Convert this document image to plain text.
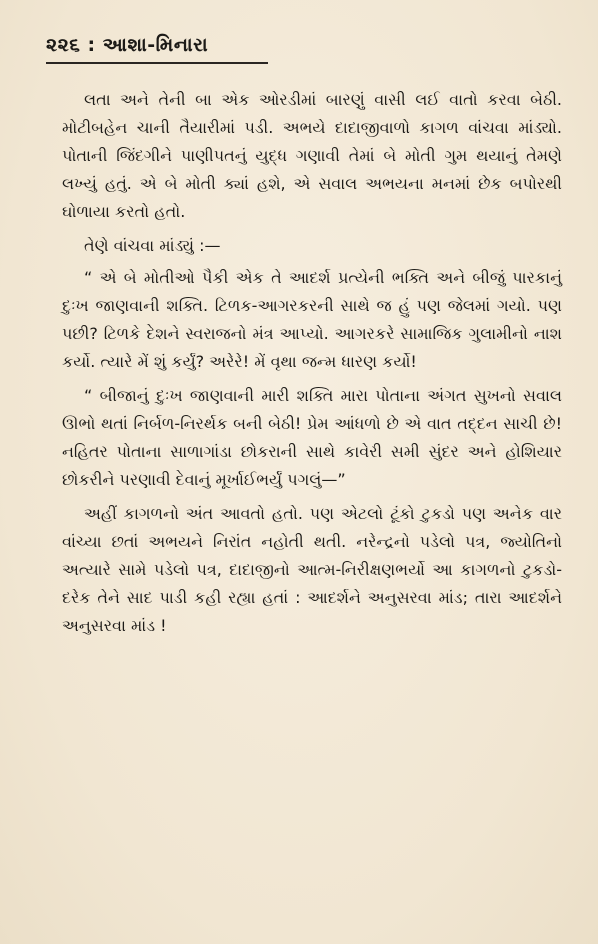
૨૨૬ : આશા-મિનારા

લતા અને તેની બા એક ઓરડીમાં બારણું વાસી લઈ વાતો કરવા બેઠી. મોટીબહેન ચાની તૈયારીમાં પડી. અભયે દાદાજીવાળો કાગળ વાંચવા માંડ્યો. પોતાની જિંદગીને પાણીપતનું યુદ્ધ ગણાવી તેમાં બે મોતી ગુમ થયાનું તેમણે લખ્યું હતું. એ બે મોતી ક્યાં હશે, એ સવાલ અભયના મનમાં છેક બપોરથી ઘોળાયા કરતો હતો.

તેણે વાંચવા માંડ્યું :—

“ એ બે મોતીઓ પૈકી એક તે આદર્શ પ્રત્યેની ભક્તિ અને બીજું પારકાનું દુઃખ જાણવાની શક્તિ. ટિળક-આગરકરની સાથે જ હું પણ જેલમાં ગયો. પણ પછી? ટિળકે દેશને સ્વરાજનો મંત્ર આપ્યો. આગરકરે સામાજિક ગુલામીનો નાશ કર્યો. ત્યારે મેં શું કર્યું? અરેરે! મેં વૃથા જન્મ ધારણ કર્યો!

“ બીજાનું દુઃખ જાણવાની મારી શક્તિ મારા પોતાના અંગત સુખનો સવાલ ઊભો થતાં નિર્બળ-નિરર્થક બની બેઠી! પ્રેમ આંધળો છે એ વાત તદ્દન સાચી છે! નહિતર પોતાના સાળાગાંડા છોકરાની સાથે કાવેરી સમી સુંદર અને હોશિયાર છોકરીને પરણાવી દેવાનું મૂર્ખાઈભર્યું પગલું—”

અહીં કાગળનો અંત આવતો હતો. પણ એટલો ટૂંકો ટુકડો પણ અનેક વાર વાંચ્યા છતાં અભયને નિરાંત નહોતી થતી. નરેન્દ્રનો પડેલો પત્ર, જ્યોતિનો અત્યારે સામે પડેલો પત્ર, દાદાજીનો આત્મ-નિરીક્ષણભર્યો આ કાગળનો ટુકડો-દરેક તેને સાદ પાડી કહી રહ્યા હતાં : આદર્શને અનુસરવા માંડ; તારા આદર્શને અનુસરવા માંડ !
